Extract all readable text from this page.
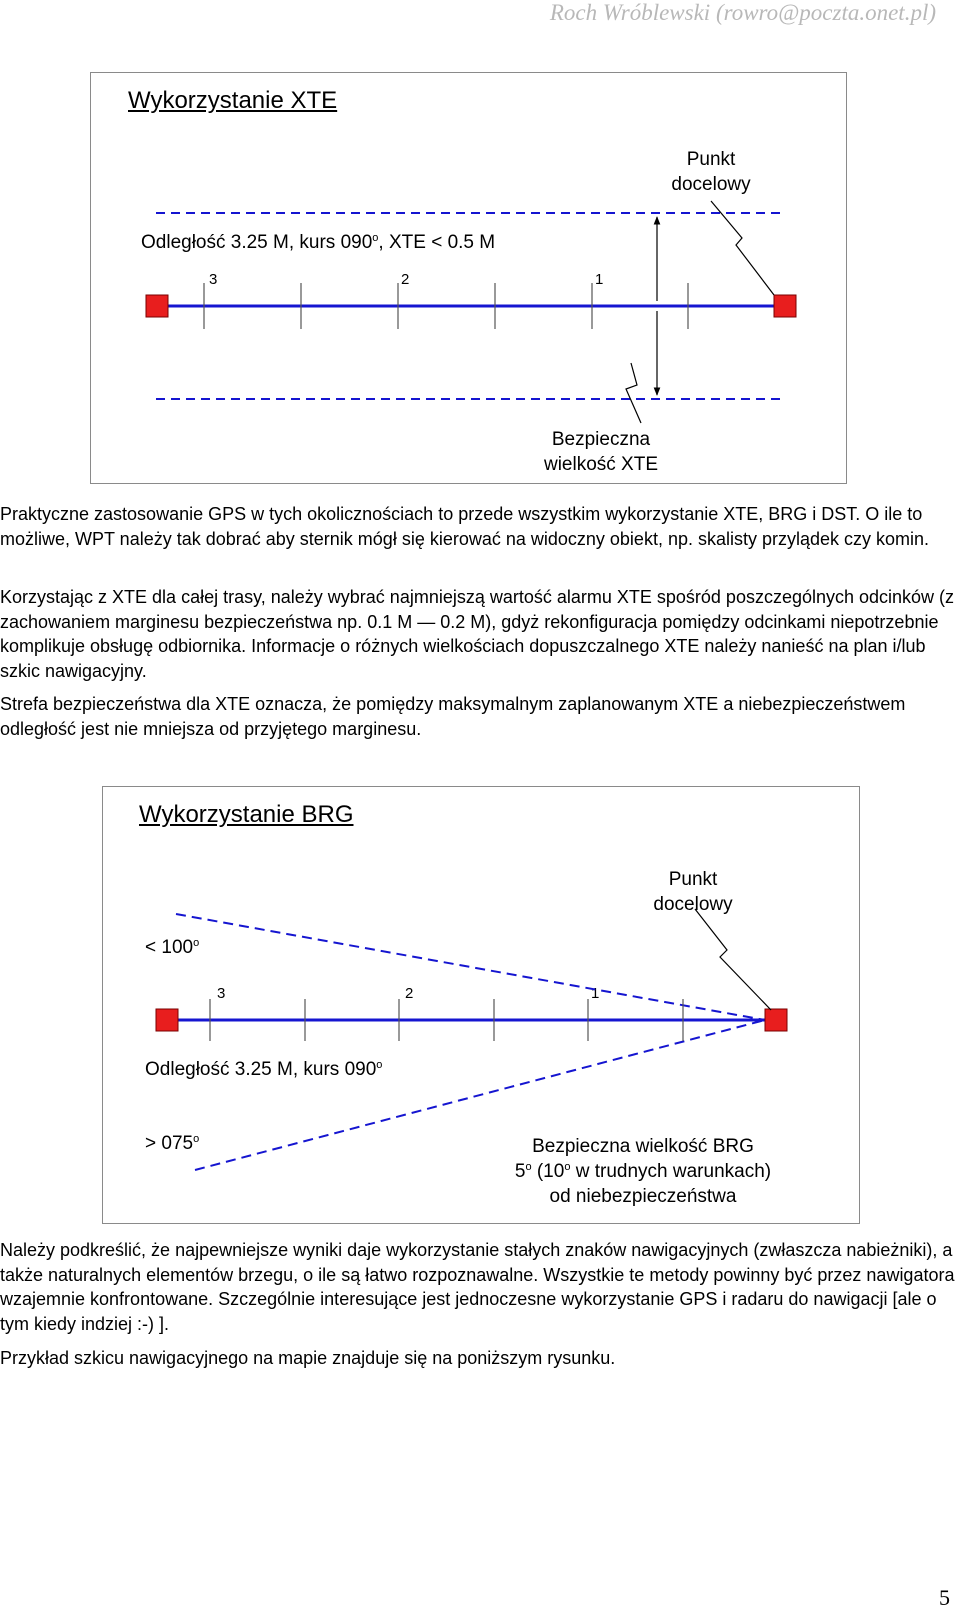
Roch Wróblewski (rowro@poczta.onet.pl)
Wykorzystanie XTE
Punkt
docelowy
Odległość 3.25 M, kurs 090$^o$, XTE < 0.5 M
3	2	1
Bezpieczna
wielkość XTE

Praktyczne zastosowanie GPS w tych okolicznościach to przede wszystkim wykorzystanie XTE, BRG i DST. O ile to możliwe, WPT należy tak dobrać aby sternik mógł się kierować na widoczny obiekt, np. skalisty przylądek czy komin.

Korzystając z XTE dla całej trasy, należy wybrać najmniejszą wartość alarmu XTE spośród poszczególnych odcinków (z zachowaniem marginesu bezpieczeństwa np. 0.1 M — 0.2 M), gdyż rekonfiguracja pomiędzy odcinkami niepotrzebnie komplikuje obsługę odbiornika. Informacje o różnych wielkościach dopuszczalnego XTE należy nanieść na plan i/lub szkic nawigacyjny.

Strefa bezpieczeństwa dla XTE oznacza, że pomiędzy maksymalnym zaplanowanym XTE a niebezpieczeństwem odległość jest nie mniejsza od przyjętego marginesu.

Wykorzystanie BRG
Punkt
docelowy
< $100^o$
3	2	1
Odległość 3.25 M, kurs $090^o$
> $075^o$	Bezpieczna wielkość BRG
5$^o$ (10$^o$ w trudnych warunkach)
od niebezpieczeństwa

Należy podkreślić, że najpewniejsze wyniki daje wykorzystanie stałych znaków nawigacyjnych (zwłaszcza nabieżniki), a także naturalnych elementów brzegu, o ile są łatwo rozpoznawalne. Wszystkie te metody powinny być przez nawigatora wzajemnie konfrontowane. Szczególnie interesujące jest jednoczesne wykorzystanie GPS i radaru do nawigacji [ale o tym kiedy indziej :-) ].

Przykład szkicu nawigacyjnego na mapie znajduje się na poniższym rysunku.

5
